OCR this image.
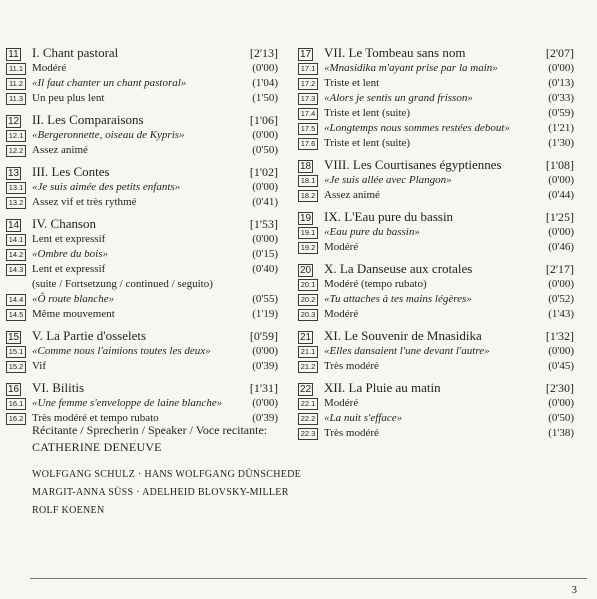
11 I. Chant pastoral	[2'13]
11.1 Modéré	(0'00)
11.2 «Il faut chanter un chant pastoral»	(1'04)
11.3 Un peu plus lent	(1'50)
12 II. Les Comparaisons	[1'06]
12.1 «Bergeronnette, oiseau de Kypris»	(0'00)
12.2 Assez animé	(0'50)
13 III. Les Contes	[1'02]
13.1 «Je suis aimée des petits enfants»	(0'00)
13.2 Assez vif et très rythmé	(0'41)
14 IV. Chanson	[1'53]
14.1 Lent et expressif	(0'00)
14.2 «Ombre du bois»	(0'15)
14.3 Lent et expressif	(0'40)
(suite / Fortsetzung / continued / seguito)
14.4 «Ô route blanche»	(0'55)
14.5 Même mouvement	(1'19)
15 V. La Partie d'osselets	[0'59]
15.1 «Comme nous l'aimions toutes les deux»	(0'00)
15.2 Vif	(0'39)
16 VI. Bilitis	[1'31]
16.1 «Une femme s'enveloppe de laine blanche»	(0'00)
16.2 Très modéré et tempo rubato	(0'39)
17 VII. Le Tombeau sans nom	[2'07]
17.1 «Mnasidika m'ayant prise par la main»	(0'00)
17.2 Triste et lent	(0'13)
17.3 «Alors je sentis un grand frisson»	(0'33)
17.4 Triste et lent (suite)	(0'59)
17.5 «Longtemps nous sommes restées debout»	(1'21)
17.6 Triste et lent (suite)	(1'30)
18 VIII. Les Courtisanes égyptiennes	[1'08]
18.1 «Je suis allée avec Plangon»	(0'00)
18.2 Assez animé	(0'44)
19 IX. L'Eau pure du bassin	[1'25]
19.1 «Eau pure du bassin»	(0'00)
19.2 Modéré	(0'46)
20 X. La Danseuse aux crotales	[2'17]
20.1 Modéré (tempo rubato)	(0'00)
20.2 «Tu attaches à tes mains légères»	(0'52)
20.3 Modéré	(1'43)
21 XI. Le Souvenir de Mnasidika	[1'32]
21.1 «Elles dansaient l'une devant l'autre»	(0'00)
21.2 Très modéré	(0'45)
22 XII. La Pluie au matin	[2'30]
22.1 Modéré	(0'00)
22.2 «La nuit s'efface»	(0'50)
22.3 Très modéré	(1'38)
Récitante / Sprecherin / Speaker / Voce recitante:
CATHERINE DENEUVE
WOLFGANG SCHULZ · HANS WOLFGANG DÜNSCHEDE
MARGIT-ANNA SÜSS · ADELHEID BLOVSKY-MILLER
ROLF KOENEN
3
